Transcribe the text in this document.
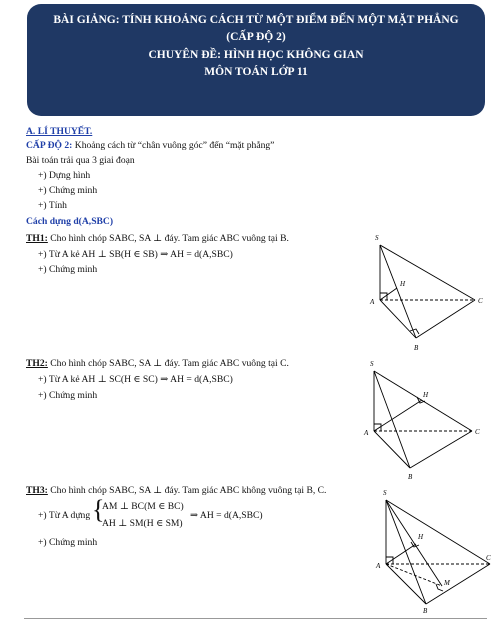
BÀI GIẢNG: TÍNH KHOẢNG CÁCH TỪ MỘT ĐIỂM ĐẾN MỘT MẶT PHẲNG
(CẤP ĐỘ 2)
CHUYÊN ĐỀ: HÌNH HỌC KHÔNG GIAN
MÔN TOÁN LỚP 11
A. LÍ THUYẾT.
CẤP ĐỘ 2: Khoảng cách từ “chân vuông góc” đến “mặt phẳng”
Bài toán trải qua 3 giai đoạn
+) Dựng hình
+) Chứng minh
+) Tính
Cách dựng d(A,SBC)
TH1: Cho hình chóp SABC, SA ⊥ đáy. Tam giác ABC vuông tại B.
+) Từ A kẻ AH ⊥ SB(H ∈ SB) ⇒ AH = d(A,SBC)
+) Chứng minh
S
A
B
C
H
TH2: Cho hình chóp SABC, SA ⊥ đáy. Tam giác ABC vuông tại C.
+) Từ A kẻ AH ⊥ SC(H ∈ SC) ⇒ AH = d(A,SBC)
+) Chứng minh
S
A
B
C
H
TH3: Cho hình chóp SABC, SA ⊥ đáy. Tam giác ABC không vuông tại B, C.
+) Từ A dựng {
AM ⊥ BC(M ∈ BC)
AH ⊥ SM(H ∈ SM)
⇒ AH = d(A,SBC)
+) Chứng minh
S
A
B
C
H
M
